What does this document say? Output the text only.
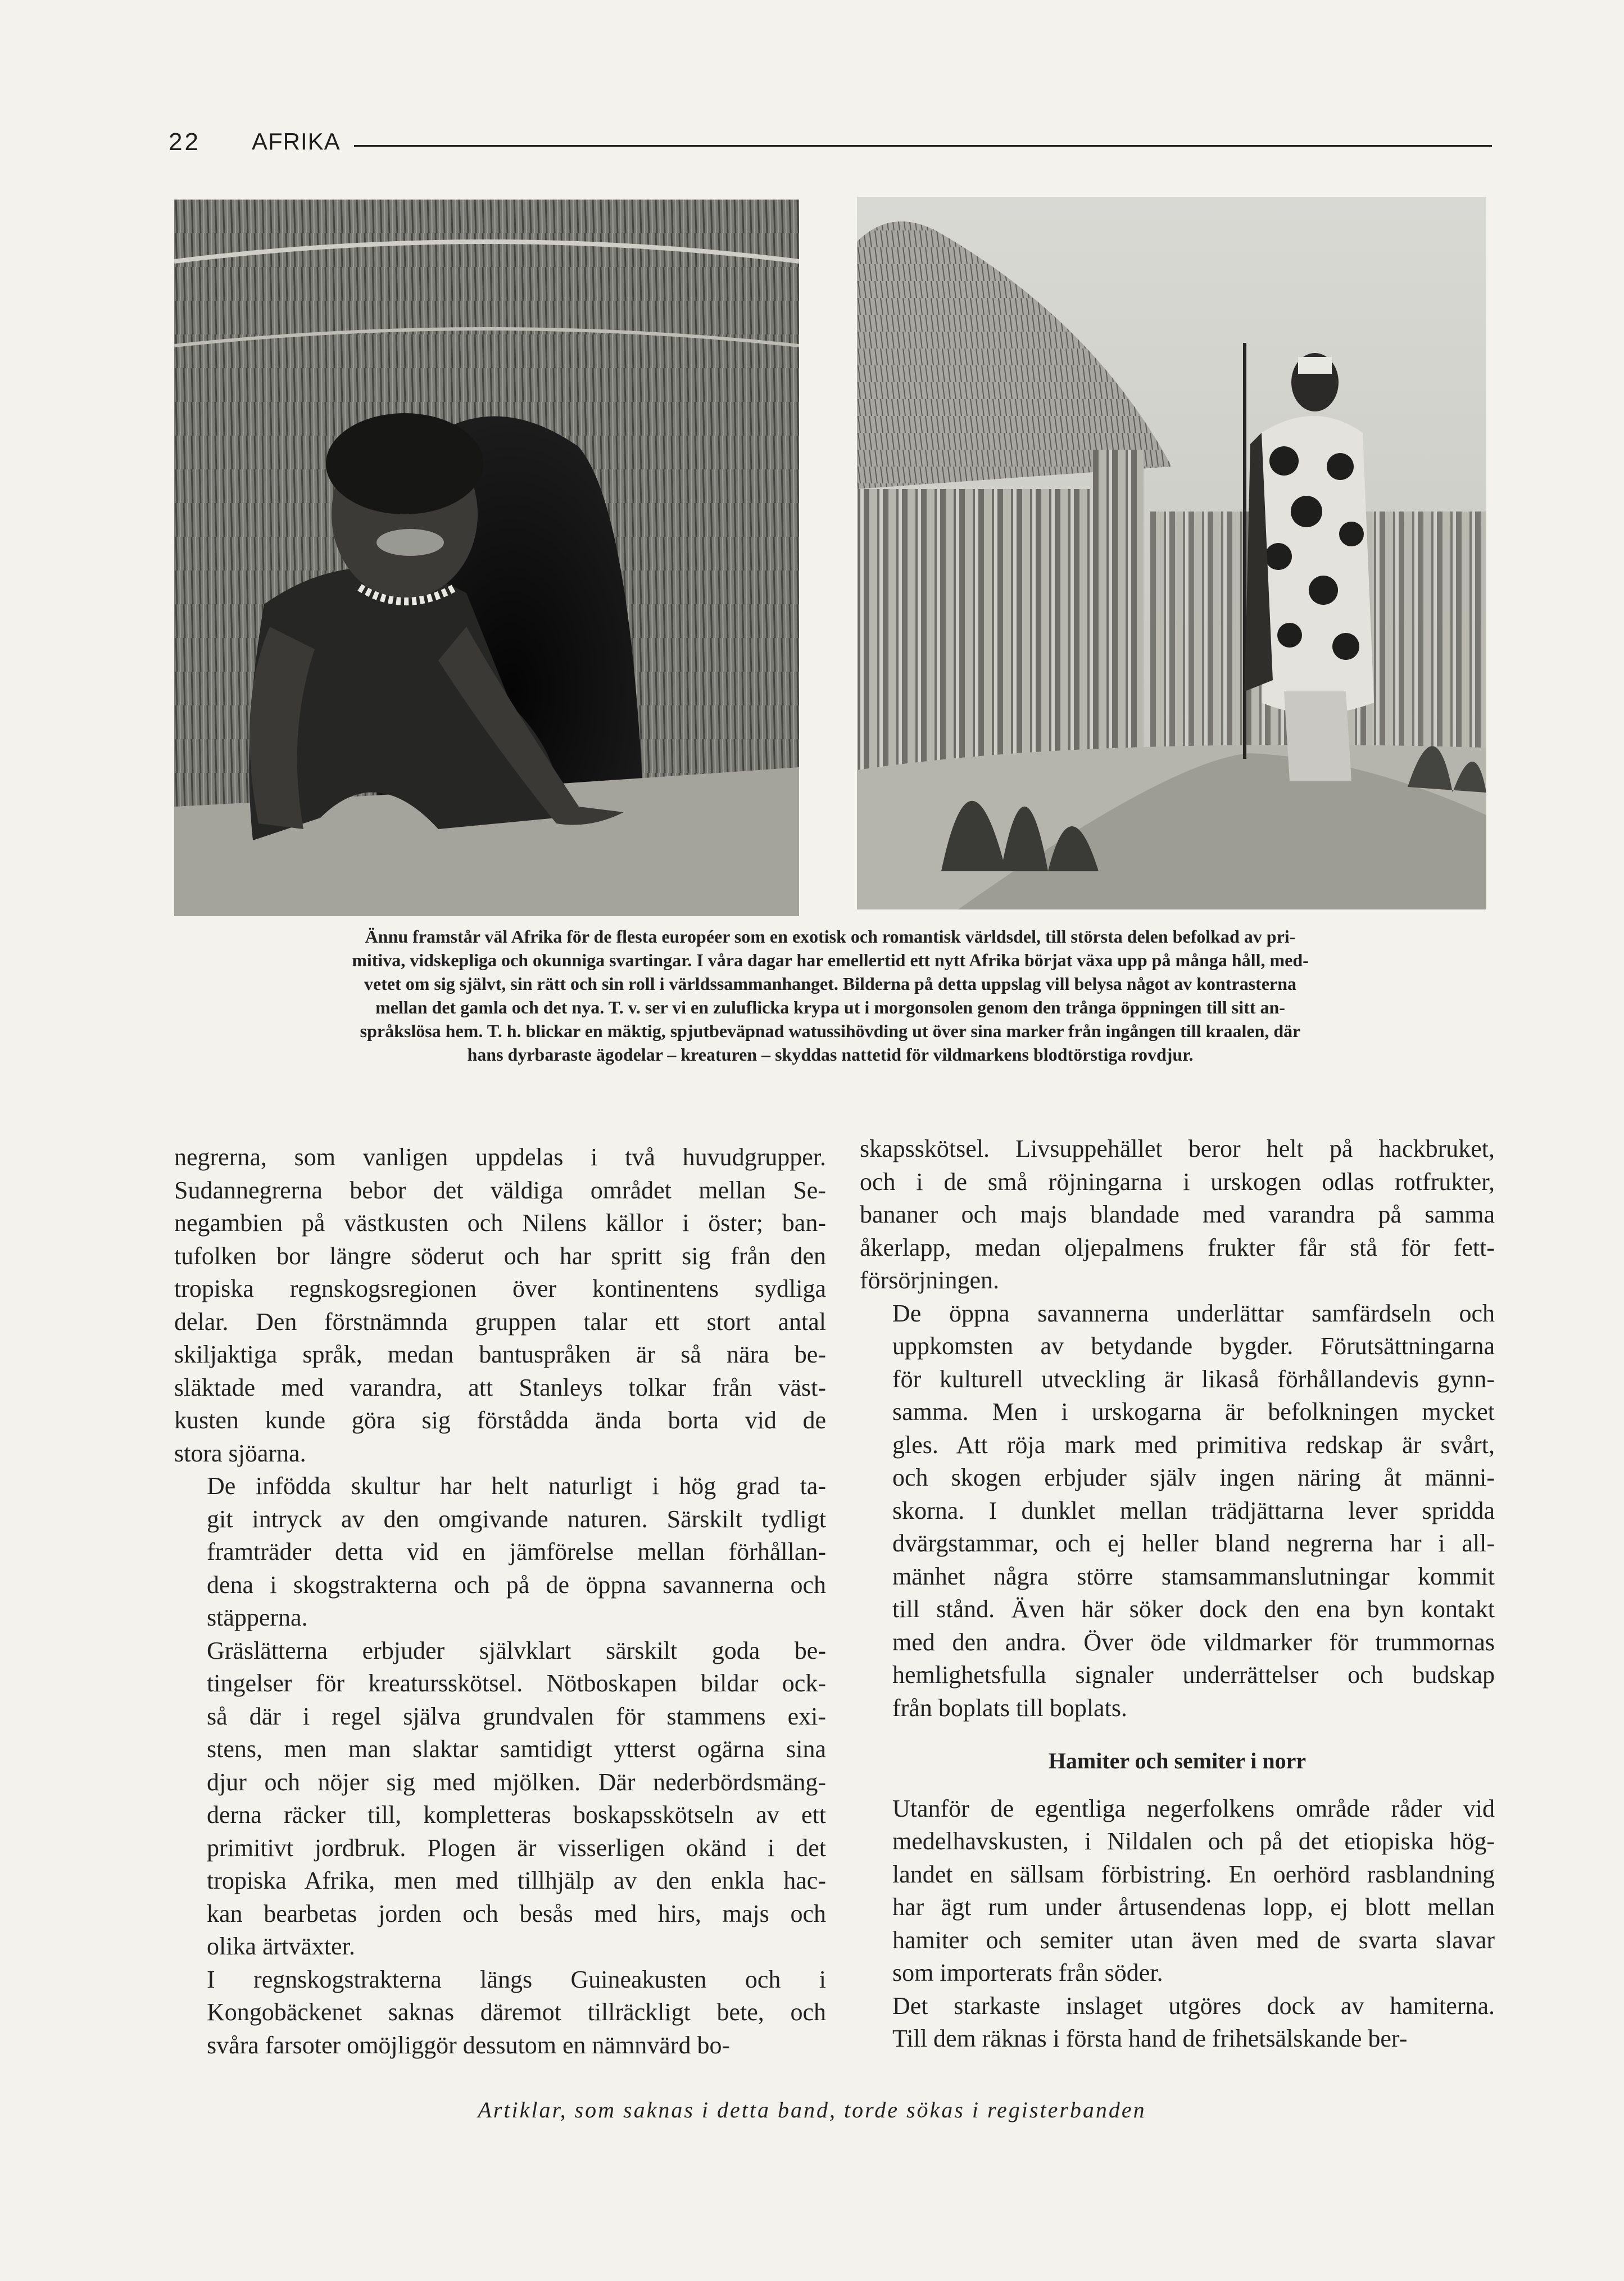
22 AFRIKA
Ännu framstår väl Afrika för de flesta européer som en exotisk och romantisk världsdel, till största delen befolkad av pri-
mitiva, vidskepliga och okunniga svartingar. I våra dagar har emellertid ett nytt Afrika börjat växa upp på många håll, med-
vetet om sig självt, sin rätt och sin roll i världssammanhanget. Bilderna på detta uppslag vill belysa något av kontrasterna
mellan det gamla och det nya. T. v. ser vi en zuluflicka krypa ut i morgonsolen genom den trånga öppningen till sitt an-
språkslösa hem. T. h. blickar en mäktig, spjutbeväpnad watussihövding ut över sina marker från ingången till kraalen, där
hans dyrbaraste ägodelar – kreaturen – skyddas nattetid för vildmarkens blodtörstiga rovdjur.

negrerna, som vanligen uppdelas i två huvudgrupper.
Sudannegrerna bebor det väldiga området mellan Se-
negambien på västkusten och Nilens källor i öster; ban-
tufolken bor längre söderut och har spritt sig från den
tropiska regnskogsregionen över kontinentens sydliga
delar. Den förstnämnda gruppen talar ett stort antal
skiljaktiga språk, medan bantuspråken är så nära be-
släktade med varandra, att Stanleys tolkar från väst-
kusten kunde göra sig förstådda ända borta vid de
stora sjöarna.

De infödda skultur har helt naturligt i hög grad ta-
git intryck av den omgivande naturen. Särskilt tydligt
framträder detta vid en jämförelse mellan förhållan-
dena i skogstrakterna och på de öppna savannerna och
stäpperna.

Gräslätterna erbjuder självklart särskilt goda be-
tingelser för kreatursskötsel. Nötboskapen bildar ock-
så där i regel själva grundvalen för stammens exi-
stens, men man slaktar samtidigt ytterst ogärna sina
djur och nöjer sig med mjölken. Där nederbördsmäng-
derna räcker till, kompletteras boskapsskötseln av ett
primitivt jordbruk. Plogen är visserligen okänd i det
tropiska Afrika, men med tillhjälp av den enkla hac-
kan bearbetas jorden och besås med hirs, majs och
olika ärtväxter.

I regnskogstrakterna längs Guineakusten och i
Kongobäckenet saknas däremot tillräckligt bete, och
svåra farsoter omöjliggör dessutom en nämnvärd bo-

skapsskötsel. Livsuppehället beror helt på hackbruket,
och i de små röjningarna i urskogen odlas rotfrukter,
bananer och majs blandade med varandra på samma
åkerlapp, medan oljepalmens frukter får stå för fett-
försörjningen.

De öppna savannerna underlättar samfärdseln och
uppkomsten av betydande bygder. Förutsättningarna
för kulturell utveckling är likaså förhållandevis gynn-
samma. Men i urskogarna är befolkningen mycket
gles. Att röja mark med primitiva redskap är svårt,
och skogen erbjuder själv ingen näring åt männi-
skorna. I dunklet mellan trädjättarna lever spridda
dvärgstammar, och ej heller bland negrerna har i all-
mänhet några större stamsammanslutningar kommit
till stånd. Även här söker dock den ena byn kontakt
med den andra. Över öde vildmarker för trummornas
hemlighetsfulla signaler underrättelser och budskap
från boplats till boplats.

Hamiter och semiter i norr

Utanför de egentliga negerfolkens område råder vid
medelhavskusten, i Nildalen och på det etiopiska hög-
landet en sällsam förbistring. En oerhörd rasblandning
har ägt rum under årtusendenas lopp, ej blott mellan
hamiter och semiter utan även med de svarta slavar
som importerats från söder.

Det starkaste inslaget utgöres dock av hamiterna.
Till dem räknas i första hand de frihetsälskande ber-

Artiklar, som saknas i detta band, torde sökas i registerbanden
